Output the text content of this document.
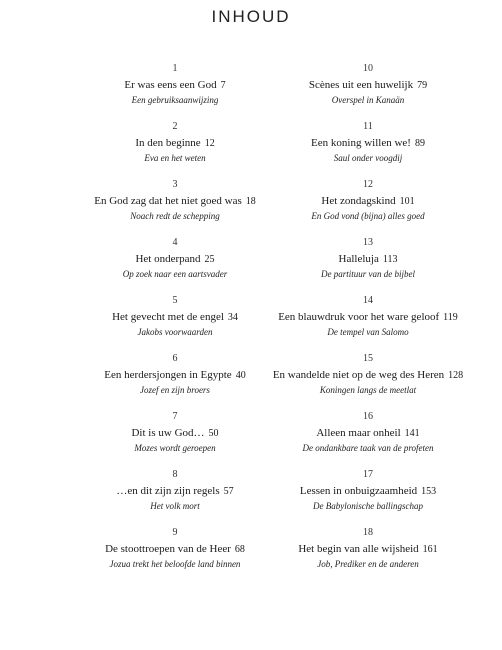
INHOUD
1
Er was eens een God 7
Een gebruiksaanwijzing
2
In den beginne 12
Eva en het weten
3
En God zag dat het niet goed was 18
Noach redt de schepping
4
Het onderpand 25
Op zoek naar een aartsvader
5
Het gevecht met de engel 34
Jakobs voorwaarden
6
Een herdersjongen in Egypte 40
Jozef en zijn broers
7
Dit is uw God… 50
Mozes wordt geroepen
8
…en dit zijn zijn regels 57
Het volk mort
9
De stoottroepen van de Heer 68
Jozua trekt het beloofde land binnen
10
Scènes uit een huwelijk 79
Overspel in Kanaän
11
Een koning willen we! 89
Saul onder voogdij
12
Het zondagskind 101
En God vond (bijna) alles goed
13
Halleluja 113
De partituur van de bijbel
14
Een blauwdruk voor het ware geloof 119
De tempel van Salomo
15
En wandelde niet op de weg des Heren 128
Koningen langs de meetlat
16
Alleen maar onheil 141
De ondankbare taak van de profeten
17
Lessen in onbuigzaamheid 153
De Babylonische ballingschap
18
Het begin van alle wijsheid 161
Job, Prediker en de anderen
